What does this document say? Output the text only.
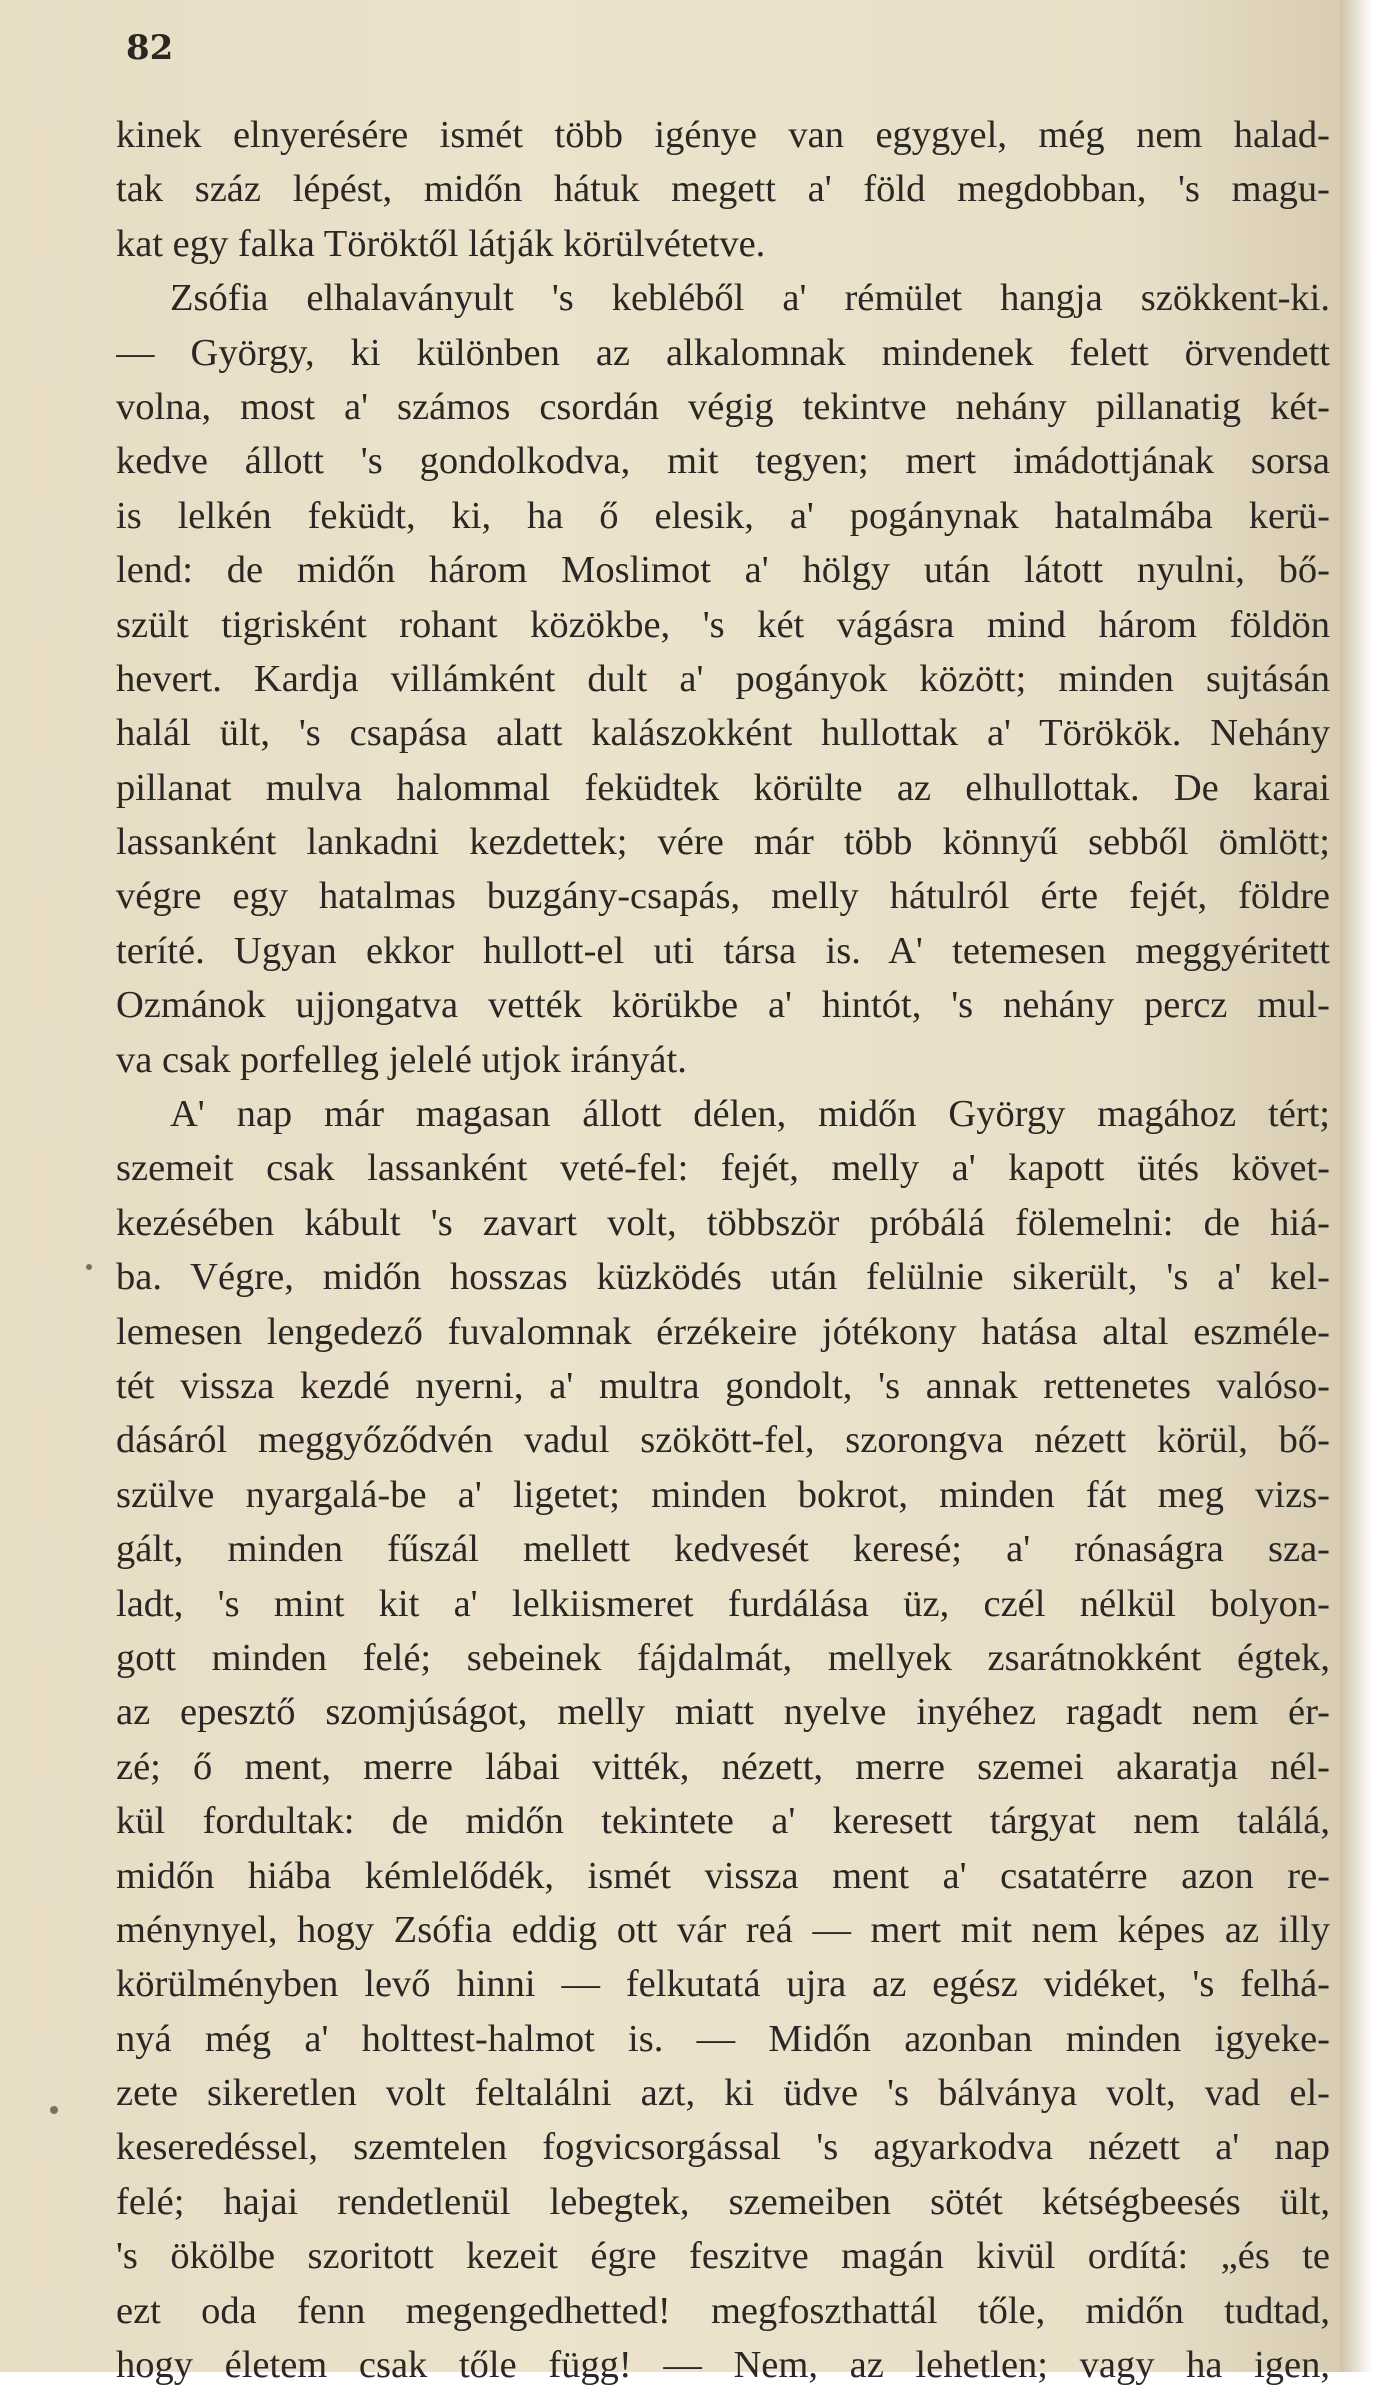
82
kinek elnyerésére ismét több igénye van egygyel, még nem halad-
tak száz lépést, midőn hátuk megett a' föld megdobban, 's magu-
kat egy falka Töröktől látják körülvétetve.
Zsófia elhalaványult 's kebléből a' rémület hangja szökkent-ki.
— György, ki különben az alkalomnak mindenek felett örvendett
volna, most a' számos csordán végig tekintve nehány pillanatig két-
kedve állott 's gondolkodva, mit tegyen; mert imádottjának sorsa
is lelkén feküdt, ki, ha ő elesik, a' pogánynak hatalmába kerü-
lend: de midőn három Moslimot a' hölgy után látott nyulni, bő-
szült tigrisként rohant közökbe, 's két vágásra mind három földön
hevert. Kardja villámként dult a' pogányok között; minden sujtásán
halál ült, 's csapása alatt kalászokként hullottak a' Törökök. Nehány
pillanat mulva halommal feküdtek körülte az elhullottak. De karai
lassanként lankadni kezdettek; vére már több könnyű sebből ömlött;
végre egy hatalmas buzgány-csapás, melly hátulról érte fejét, földre
teríté. Ugyan ekkor hullott-el uti társa is. A' tetemesen meggyéritett
Ozmánok ujjongatva vették körükbe a' hintót, 's nehány percz mul-
va csak porfelleg jelelé utjok irányát.
A' nap már magasan állott délen, midőn György magához tért;
szemeit csak lassanként veté-fel: fejét, melly a' kapott ütés követ-
kezésében kábult 's zavart volt, többször próbálá fölemelni: de hiá-
ba. Végre, midőn hosszas küzködés után felülnie sikerült, 's a' kel-
lemesen lengedező fuvalomnak érzékeire jótékony hatása altal eszméle-
tét vissza kezdé nyerni, a' multra gondolt, 's annak rettenetes valóso-
dásáról meggyőződvén vadul szökött-fel, szorongva nézett körül, bő-
szülve nyargalá-be a' ligetet; minden bokrot, minden fát meg vizs-
gált, minden fűszál mellett kedvesét keresé; a' rónaságra sza-
ladt, 's mint kit a' lelkiismeret furdálása üz, czél nélkül bolyon-
gott minden felé; sebeinek fájdalmát, mellyek zsarátnokként égtek,
az epesztő szomjúságot, melly miatt nyelve inyéhez ragadt nem ér-
zé; ő ment, merre lábai vitték, nézett, merre szemei akaratja nél-
kül fordultak: de midőn tekintete a' keresett tárgyat nem találá,
midőn hiába kémlelődék, ismét vissza ment a' csatatérre azon re-
ménynyel, hogy Zsófia eddig ott vár reá — mert mit nem képes az illy
körülményben levő hinni — felkutatá ujra az egész vidéket, 's felhá-
nyá még a' holttest-halmot is. — Midőn azonban minden igyeke-
zete sikeretlen volt feltalálni azt, ki üdve 's bálványa volt, vad el-
keseredéssel, szemtelen fogvicsorgással 's agyarkodva nézett a' nap
felé; hajai rendetlenül lebegtek, szemeiben sötét kétségbeesés ült,
's ökölbe szoritott kezeit égre feszitve magán kivül ordítá: „és te
ezt oda fenn megengedhetted! megfoszthattál tőle, midőn tudtad,
hogy életem csak tőle függ! — Nem, az lehetlen; vagy ha igen,
